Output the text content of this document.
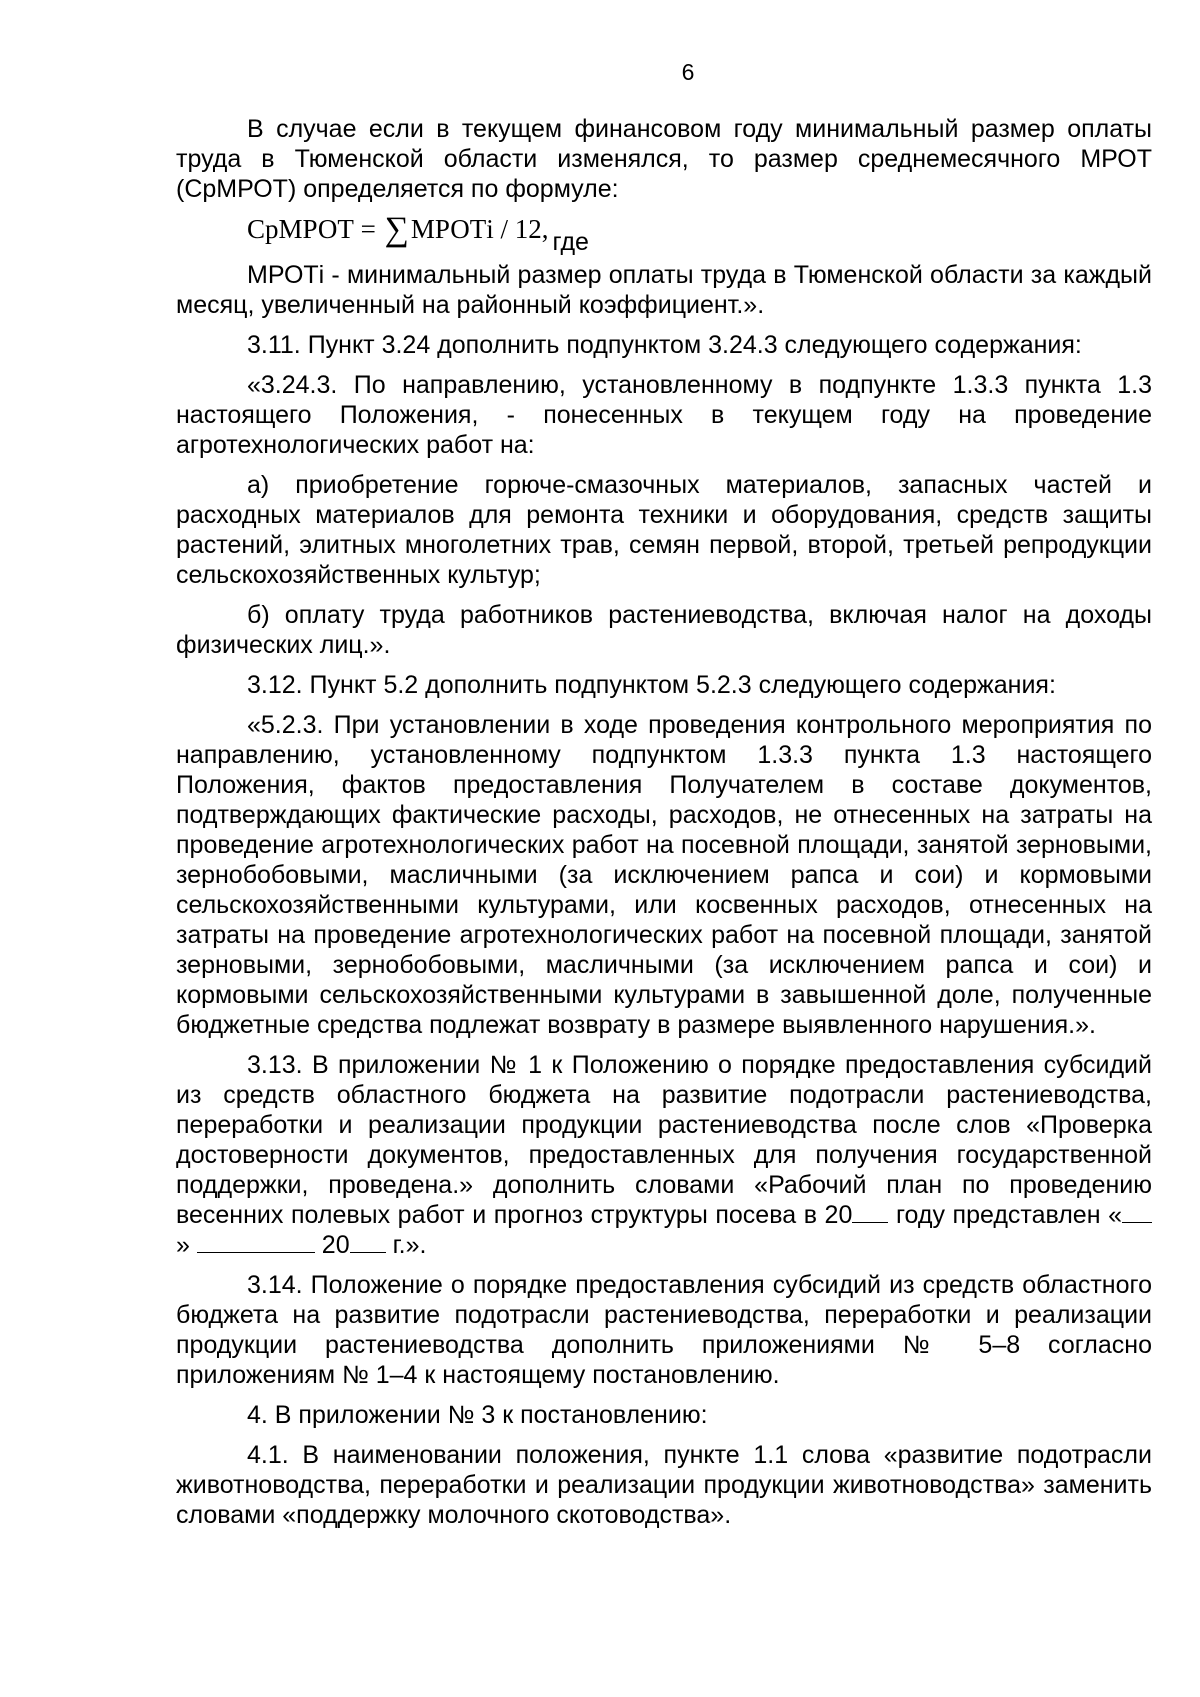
6

В случае если в текущем финансовом году минимальный размер оплаты труда в Тюменской области изменялся, то размер среднемесячного МРОТ (СрМРОТ) определяется по формуле:

СрМРОТ = ∑МРОТi / 12, где

МРОТi - минимальный размер оплаты труда в Тюменской области за каждый месяц, увеличенный на районный коэффициент.».

3.11. Пункт 3.24 дополнить подпунктом 3.24.3 следующего содержания:

«3.24.3. По направлению, установленному в подпункте 1.3.3 пункта 1.3 настоящего Положения, - понесенных в текущем году на проведение агротехнологических работ на:

а) приобретение горюче-смазочных материалов, запасных частей и расходных материалов для ремонта техники и оборудования, средств защиты растений, элитных многолетних трав, семян первой, второй, третьей репродукции сельскохозяйственных культур;

б) оплату труда работников растениеводства, включая налог на доходы физических лиц.».

3.12. Пункт 5.2 дополнить подпунктом 5.2.3 следующего содержания:

«5.2.3. При установлении в ходе проведения контрольного мероприятия по направлению, установленному подпунктом 1.3.3 пункта 1.3 настоящего Положения, фактов предоставления Получателем в составе документов, подтверждающих фактические расходы, расходов, не отнесенных на затраты на проведение агротехнологических работ на посевной площади, занятой зерновыми, зернобобовыми, масличными (за исключением рапса и сои) и кормовыми сельскохозяйственными культурами, или косвенных расходов, отнесенных на затраты на проведение агротехнологических работ на посевной площади, занятой зерновыми, зернобобовыми, масличными (за исключением рапса и сои) и кормовыми сельскохозяйственными культурами в завышенной доле, полученные бюджетные средства подлежат возврату в размере выявленного нарушения.».

3.13. В приложении № 1 к Положению о порядке предоставления субсидий из средств областного бюджета на развитие подотрасли растениеводства, переработки и реализации продукции растениеводства после слов «Проверка достоверности документов, предоставленных для получения государственной поддержки, проведена.» дополнить словами «Рабочий план по проведению весенних полевых работ и прогноз структуры посева в 20 году представлен «»	20 г.».

3.14. Положение о порядке предоставления субсидий из средств областного бюджета на развитие подотрасли растениеводства, переработки и реализации продукции растениеводства дополнить приложениями № 5–8 согласно приложениям № 1–4 к настоящему постановлению.

4. В приложении № 3 к постановлению:

4.1. В наименовании положения, пункте 1.1 слова «развитие подотрасли животноводства, переработки и реализации продукции животноводства» заменить словами «поддержку молочного скотоводства».
